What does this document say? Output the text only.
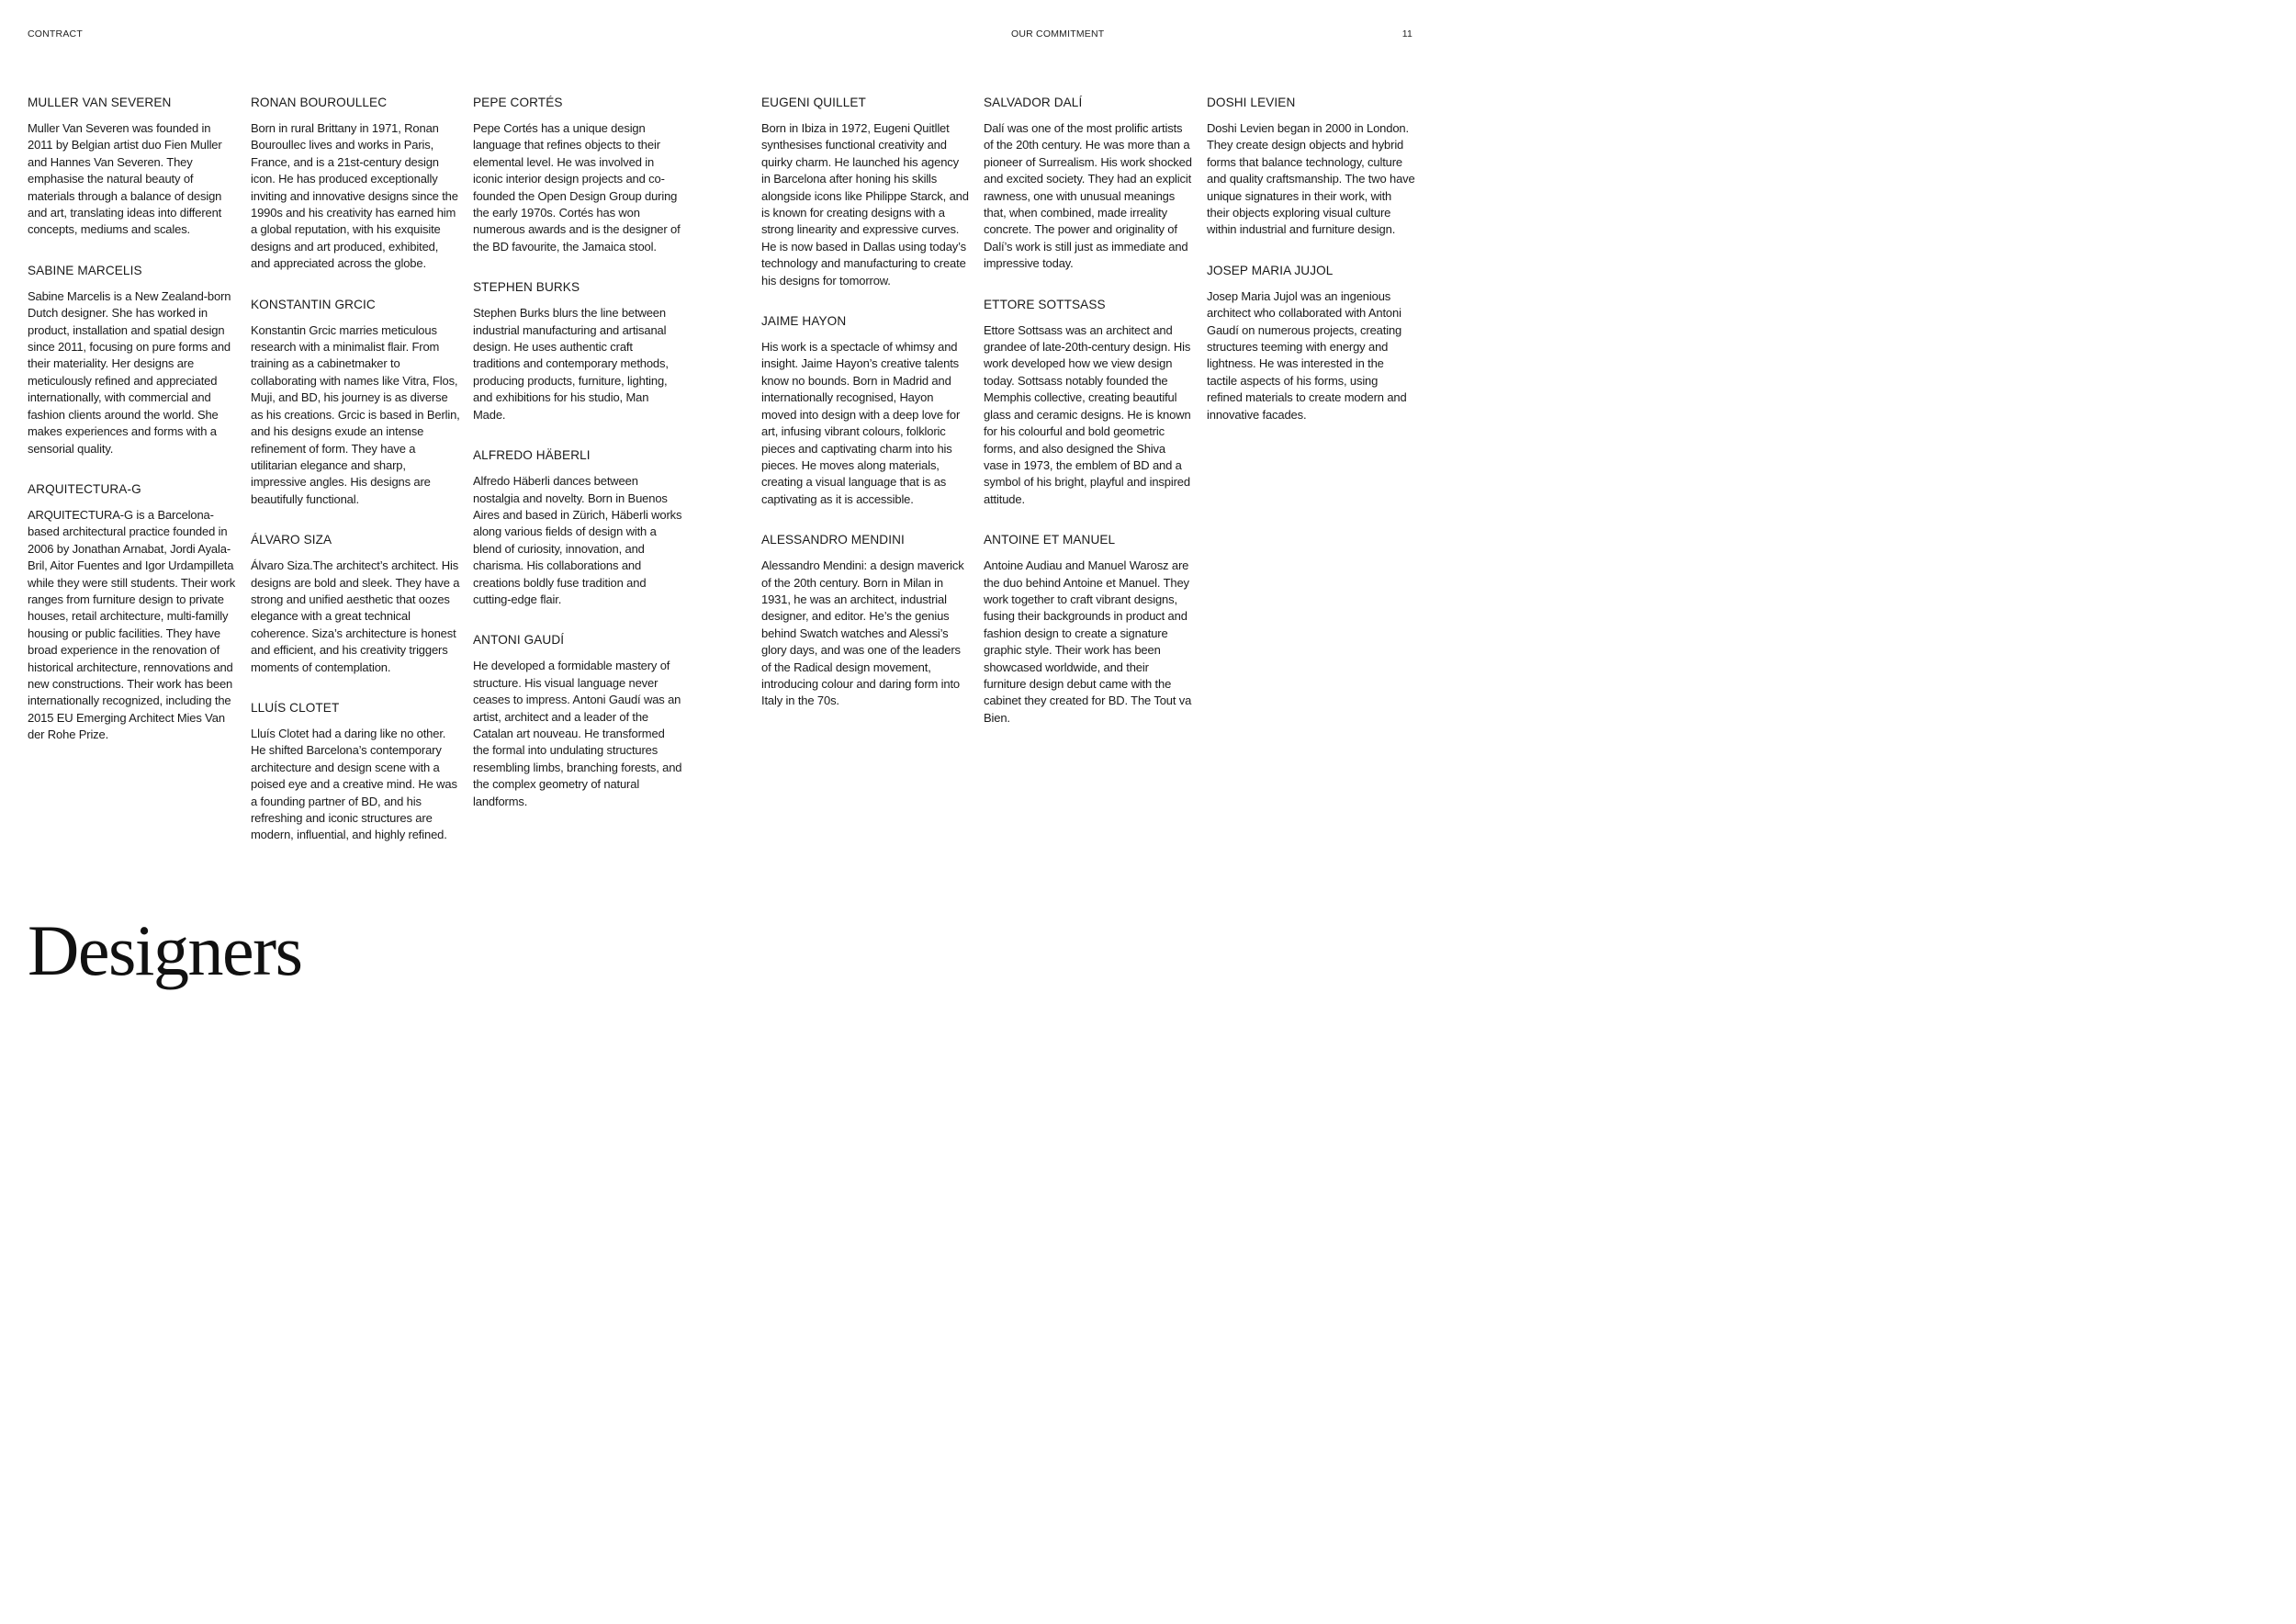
CONTRACT	OUR COMMITMENT	11
MULLER VAN SEVEREN

Muller Van Severen was founded in 2011 by Belgian artist duo Fien Muller and Hannes Van Severen. They emphasise the natural beauty of materials through a balance of design and art, translating ideas into different concepts, mediums and scales.

SABINE MARCELIS

Sabine Marcelis is a New Zealand-born Dutch designer. She has worked in product, installation and spatial design since 2011, focusing on pure forms and their materiality. Her designs are meticulously refined and appreciated internationally, with commercial and fashion clients around the world. She makes experiences and forms with a sensorial quality.

ARQUITECTURA-G

ARQUITECTURA-G is a Barcelona-based architectural practice founded in 2006 by Jonathan Arnabat, Jordi Ayala-Bril, Aitor Fuentes and Igor Urdampilleta while they were still students. Their work ranges from furniture design to private houses, retail architecture, multi-familly housing or public facilities. They have broad experience in the renovation of historical architecture, rennovations and new constructions. Their work has been internationally recognized, including the 2015 EU Emerging Architect Mies Van der Rohe Prize.

RONAN BOUROULLEC

Born in rural Brittany in 1971, Ronan Bouroullec lives and works in Paris, France, and is a 21st-century design icon. He has produced exceptionally inviting and innovative designs since the 1990s and his creativity has earned him a global reputation, with his exquisite designs and art produced, exhibited, and appreciated across the globe.

KONSTANTIN GRCIC

Konstantin Grcic marries meticulous research with a minimalist flair. From training as a cabinetmaker to collaborating with names like Vitra, Flos, Muji, and BD, his journey is as diverse as his creations. Grcic is based in Berlin, and his designs exude an intense refinement of form. They have a utilitarian elegance and sharp, impressive angles. His designs are beautifully functional.

ÁLVARO SIZA

Álvaro Siza.The architect’s architect. His designs are bold and sleek. They have a strong and unified aesthetic that oozes elegance with a great technical coherence. Siza’s architecture is honest and efficient, and his creativity triggers moments of contemplation.

LLUÍS CLOTET

Lluís Clotet had a daring like no other. He shifted Barcelona’s contemporary architecture and design scene with a poised eye and a creative mind. He was a founding partner of BD, and his refreshing and iconic structures are modern, influential, and highly refined.

PEPE CORTÉS

Pepe Cortés has a unique design language that refines objects to their elemental level. He was involved in iconic interior design projects and co-founded the Open Design Group during the early 1970s. Cortés has won numerous awards and is the designer of the BD favourite, the Jamaica stool.

STEPHEN BURKS

Stephen Burks blurs the line between industrial manufacturing and artisanal design. He uses authentic craft traditions and contemporary methods, producing products, furniture, lighting, and exhibitions for his studio, Man Made.

ALFREDO HÄBERLI

Alfredo Häberli dances between nostalgia and novelty. Born in Buenos Aires and based in Zürich, Häberli works along various fields of design with a blend of curiosity, innovation, and charisma. His collaborations and creations boldly fuse tradition and cutting-edge flair.

ANTONI GAUDÍ

He developed a formidable mastery of structure. His visual language never ceases to impress. Antoni Gaudí was an artist, architect and a leader of the Catalan art nouveau. He transformed the formal into undulating structures resembling limbs, branching forests, and the complex geometry of natural landforms.

EUGENI QUILLET

Born in Ibiza in 1972, Eugeni Quitllet synthesises functional creativity and quirky charm. He launched his agency in Barcelona after honing his skills alongside icons like Philippe Starck, and is known for creating designs with a strong linearity and expressive curves. He is now based in Dallas using today’s technology and manufacturing to create his designs for tomorrow.

JAIME HAYON

His work is a spectacle of whimsy and insight. Jaime Hayon’s creative talents know no bounds. Born in Madrid and internationally recognised, Hayon moved into design with a deep love for art, infusing vibrant colours, folkloric pieces and captivating charm into his pieces. He moves along materials, creating a visual language that is as captivating as it is accessible.

ALESSANDRO MENDINI

Alessandro Mendini: a design maverick of the 20th century. Born in Milan in 1931, he was an architect, industrial designer, and editor. He’s the genius behind Swatch watches and Alessi’s glory days, and was one of the leaders of the Radical design movement, introducing colour and daring form into Italy in the 70s.

SALVADOR DALÍ

Dalí was one of the most prolific artists of the 20th century. He was more than a pioneer of Surrealism. His work shocked and excited society. They had an explicit rawness, one with unusual meanings that, when combined, made irreality concrete. The power and originality of Dalí’s work is still just as immediate and impressive today.

ETTORE SOTTSASS

Ettore Sottsass was an architect and grandee of late-20th-century design. His work developed how we view design today. Sottsass notably founded the Memphis collective, creating beautiful glass and ceramic designs. He is known for his colourful and bold geometric forms, and also designed the Shiva vase in 1973, the emblem of BD and a symbol of his bright, playful and inspired attitude.

ANTOINE ET MANUEL

Antoine Audiau and Manuel Warosz are the duo behind Antoine et Manuel. They work together to craft vibrant designs, fusing their backgrounds in product and fashion design to create a signature graphic style. Their work has been showcased worldwide, and their furniture design debut came with the cabinet they created for BD. The Tout va Bien.

DOSHI LEVIEN

Doshi Levien began in 2000 in London. They create design objects and hybrid forms that balance technology, culture and quality craftsmanship. The two have unique signatures in their work, with their objects exploring visual culture within industrial and furniture design.

JOSEP MARIA JUJOL

Josep Maria Jujol was an ingenious architect who collaborated with Antoni Gaudí on numerous projects, creating structures teeming with energy and lightness. He was interested in the tactile aspects of his forms, using refined materials to create modern and innovative facades.

Designers
